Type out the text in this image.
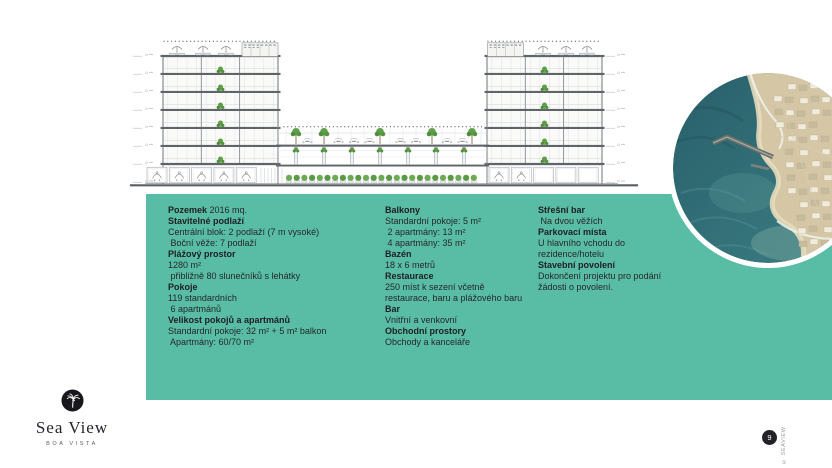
Pozemek 2016 mq.
Stavitelné podlaží
Centrální blok: 2 podlaží (7 m vysoké)
Boční věže: 7 podlaží
Plážový prostor
1280 m²
přibližně 80 slunečníků s lehátky
Pokoje
119 standardních
6 apartmánů
Velikost pokojů a apartmánů
Standardní pokoje: 32 m² + 5 m² balkon
Apartmány: 60/70 m²
Balkony
Standardní pokoje: 5 m²
2 apartmány: 13 m²
4 apartmány: 35 m²
Bazén
18 x 6 metrů
Restaurace
250 míst k sezení včetně
restaurace, baru a plážového baru
Bar
Vnitřní a venkovní
Obchodní prostory
Obchody a kanceláře
Střešní bar
Na dvou věžích
Parkovací místa
U hlavního vchodu do
rezidence/hotelu
Stavební povolení
Dokončení projektu pro podání
žádosti o povolení.
Sea View
BOA VISTA
9	© SEAVIEW
